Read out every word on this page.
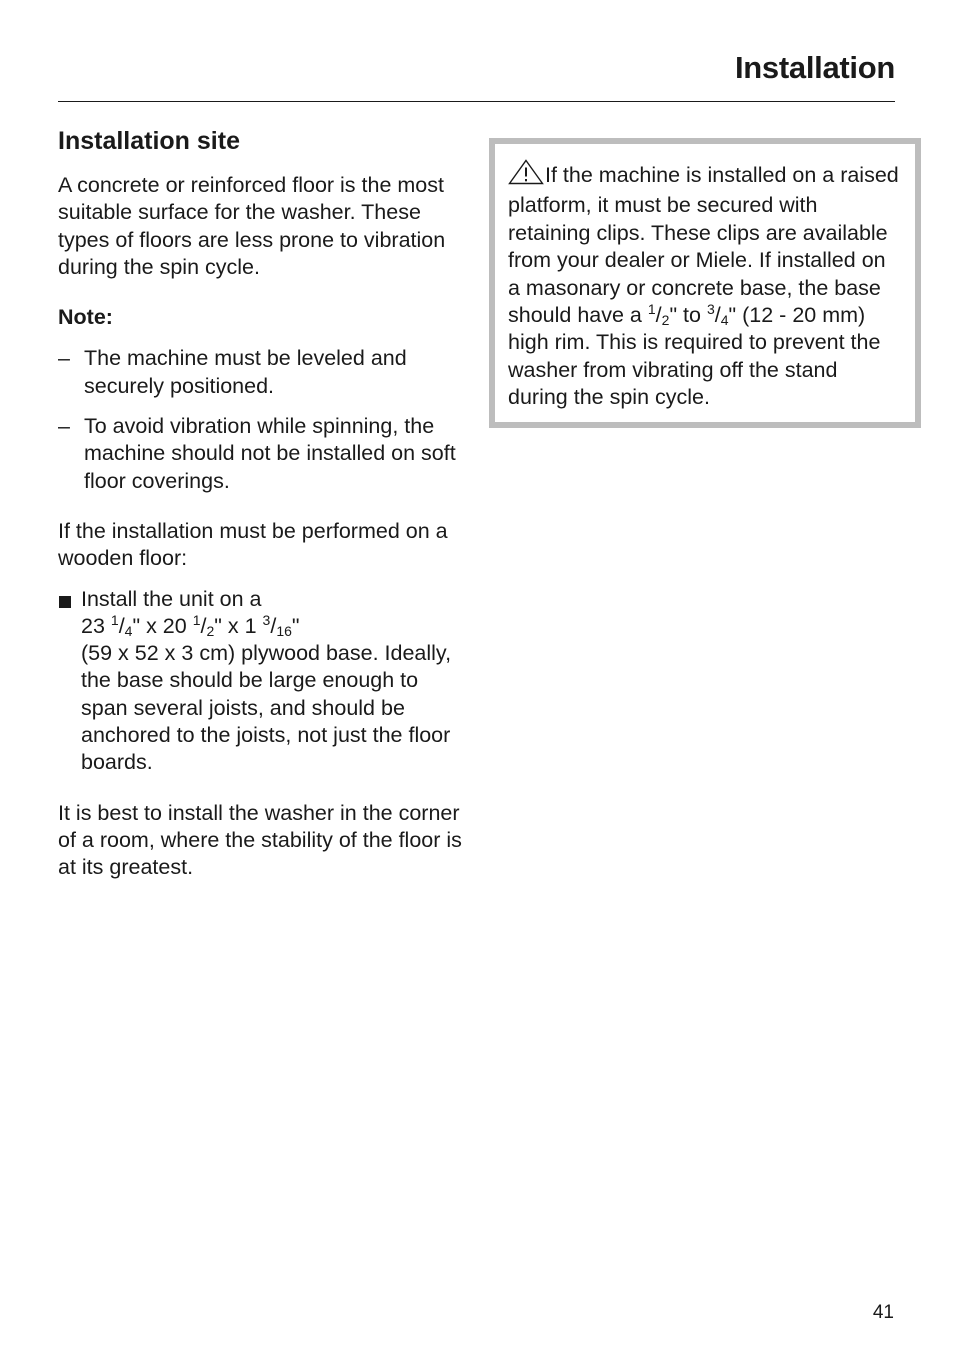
Installation
Installation site

A concrete or reinforced floor is the most suitable surface for the washer. These types of floors are less prone to vibration during the spin cycle.

Note:

– The machine must be leveled and securely positioned.
– To avoid vibration while spinning, the machine should not be installed on soft floor coverings.

If the installation must be performed on a wooden floor:

Install the unit on a
23 $^1/_4$" x 20 $^1/_2$" x 1 $^3/_{16}$"
(59 x 52 x 3 cm) plywood base. Ideally, the base should be large enough to span several joists, and should be anchored to the joists, not just the floor boards.

It is best to install the washer in the corner of a room, where the stability of the floor is at its greatest.

If the machine is installed on a raised platform, it must be secured with retaining clips. These clips are available from your dealer or Miele. If installed on a masonary or concrete base, the base should have a $^1/_2$" to $^3/_4$" (12 - 20 mm) high rim. This is required to prevent the washer from vibrating off the stand during the spin cycle.
41
